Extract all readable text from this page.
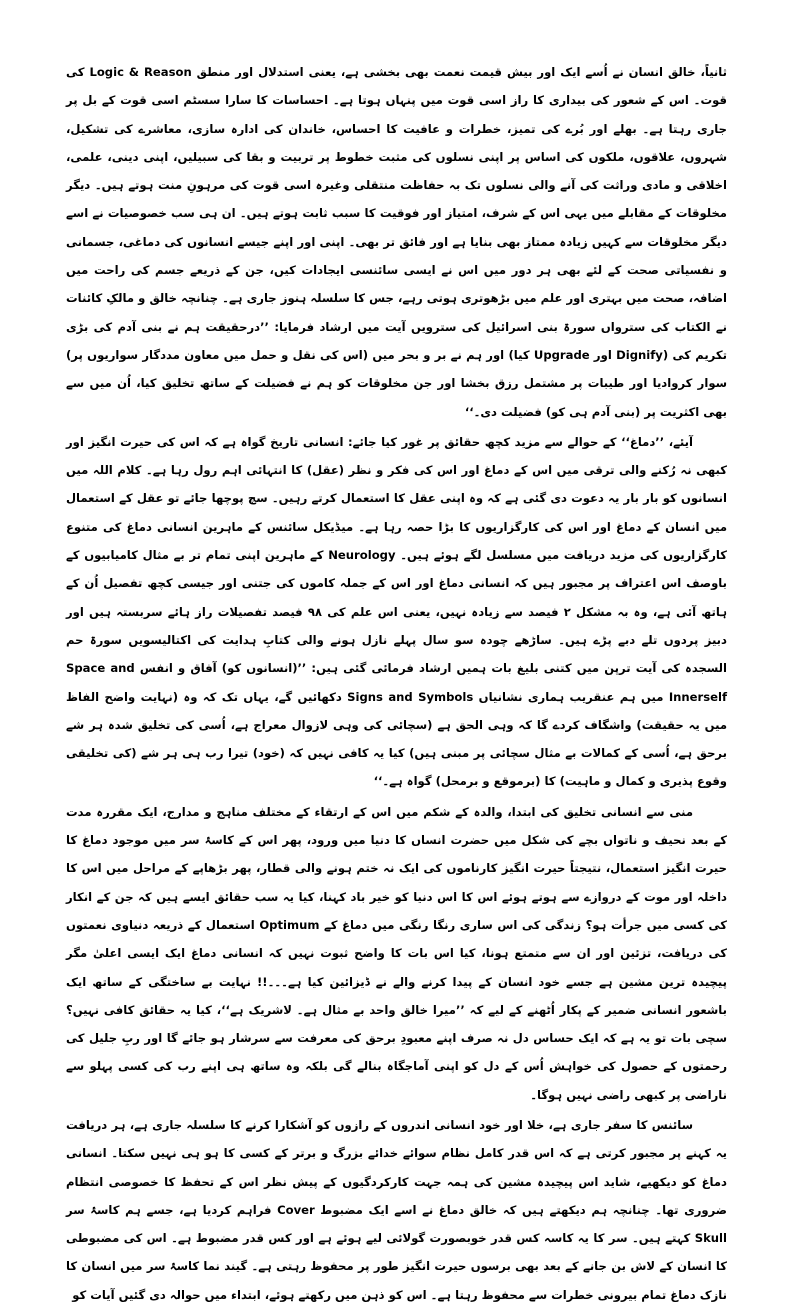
ثانیاً، خالق انسان نے اُسے ایک اور بیش قیمت نعمت بھی بخشی ہے، یعنی استدلال اور منطق Logic & Reason کی قوت۔ اس کے شعور کی بیداری کا راز اسی قوت میں پنہاں ہوتا ہے۔ احساسات کا سارا سسٹم اسی قوت کے بل پر جاری رہتا ہے۔ بھلے اور بُرے کی تمیز، خطرات و عافیت کا احساس، خاندان کی ادارہ سازی، معاشرے کی تشکیل، شہروں، علاقوں، ملکوں کی اساس پر اپنی نسلوں کی مثبت خطوط پر تربیت و بقا کی سبیلیں، اپنی دینی، علمی، اخلاقی و مادی وراثت کی آنے والی نسلوں تک بہ حفاظت منتقلی وغیرہ اسی قوت کی مرہونِ منت ہوتے ہیں۔ دیگر مخلوقات کے مقابلے میں یہی اس کے شرف، امتیاز اور فوقیت کا سبب ثابت ہوتے ہیں۔ ان ہی سب خصوصیات نے اسے دیگر مخلوقات سے کہیں زیادہ ممتاز بھی بنایا ہے اور فائق تر بھی۔ اپنی اور اپنے جیسے انسانوں کی دماغی، جسمانی و نفسیاتی صحت کے لئے بھی ہر دور میں اس نے ایسی سائنسی ایجادات کیں، جن کے ذریعے جسم کی راحت میں اضافہ، صحت میں بہتری اور علم میں بڑھوتری ہوتی رہے، جس کا سلسلہ ہنوز جاری ہے۔ چنانچہ خالق و مالکِ کائنات نے الکتاب کی سترواں سورۃ بنی اسرائیل کی سترویں آیت میں ارشاد فرمایا: ’’درحقیقت ہم نے بنی آدم کی بڑی تکریم کی (Dignify اور Upgrade کیا) اور ہم نے بر و بحر میں (اس کی نقل و حمل میں معاون مددگار سواریوں پر) سوار کروادیا اور طیبات پر مشتمل رزق بخشا اور جن مخلوقات کو ہم نے فضیلت کے ساتھ تخلیق کیا، اُن میں سے بھی اکثریت پر (بنی آدم ہی کو) فضیلت دی۔‘‘

آیئے، ’’دماغ‘‘ کے حوالے سے مزید کچھ حقائق پر غور کیا جائے: انسانی تاریخ گواہ ہے کہ اس کی حیرت انگیز اور کبھی نہ رُکنے والی ترقی میں اس کے دماغ اور اس کی فکر و نظر (عقل) کا انتہائی اہم رول رہا ہے۔ کلام اللہ میں انسانوں کو بار بار یہ دعوت دی گئی ہے کہ وہ اپنی عقل کا استعمال کرتے رہیں۔ سچ پوچھا جائے تو عقل کے استعمال میں انسان کے دماغ اور اس کی کارگزاریوں کا بڑا حصہ رہا ہے۔ میڈیکل سائنس کے ماہرین انسانی دماغ کی متنوع کارگزاریوں کی مزید دریافت میں مسلسل لگے ہوئے ہیں۔ Neurology کے ماہرین اپنی تمام تر بے مثال کامیابیوں کے باوصف اس اعتراف پر مجبور ہیں کہ انسانی دماغ اور اس کے جملہ کاموں کی جتنی اور جیسی کچھ تفصیل اُن کے ہاتھ آئی ہے، وہ بہ مشکل ۲ فیصد سے زیادہ نہیں، یعنی اس علم کی ۹۸ فیصد تفصیلات راز ہائے سربستہ ہیں اور دبیز پردوں تلے دبے پڑے ہیں۔ ساڑھے چودہ سو سال پہلے نازل ہونے والی کتابِ ہدایت کی اکتالیسویں سورۃ حم السجدہ کی آیت ترپن میں کتنی بلیغ بات ہمیں ارشاد فرمائی گئی ہیں: ’’(انسانوں کو) آفاق و انفس Space and Innerself میں ہم عنقریب ہماری نشانیاں Signs and Symbols دکھائیں گے، یہاں تک کہ وہ (نہایت واضح الفاظ میں یہ حقیقت) واشگاف کردے گا کہ وہی الحق ہے (سچائی کی وہی لازوال معراج ہے، اُسی کی تخلیق شدہ ہر شے برحق ہے، اُسی کے کمالات بے مثال سچائی پر مبنی ہیں) کیا یہ کافی نہیں کہ (خود) تیرا رب ہی ہر شے (کی تخلیقی وقوع پذیری و کمال و ماہیت) کا (برموقع و برمحل) گواہ ہے۔‘‘

منی سے انسانی تخلیق کی ابتدا، والدہ کے شکم میں اس کے ارتقاء کے مختلف مناہج و مدارج، ایک مقررہ مدت کے بعد نحیف و ناتواں بچے کی شکل میں حضرت انساں کا دنیا میں ورود، پھر اس کے کاسۂ سر میں موجود دماغ کا حیرت انگیز استعمال، نتیجتاً حیرت انگیز کارناموں کی ایک نہ ختم ہونے والی قطار، پھر بڑھاپے کے مراحل میں اس کا داخلہ اور موت کے دروازے سے ہوتے ہوئے اس کا اس دنیا کو خیر باد کہنا، کیا یہ سب حقائق ایسے ہیں کہ جن کے انکار کی کسی میں جرأت ہو؟ زندگی کی اس ساری رنگا رنگی میں دماغ کے Optimum استعمال کے ذریعہ دنیاوی نعمتوں کی دریافت، تزئین اور ان سے متمتع ہونا، کیا اس بات کا واضح ثبوت نہیں کہ انسانی دماغ ایک ایسی اعلیٰ مگر پیچیدہ ترین مشین ہے جسے خود انسان کے پیدا کرنے والے نے ڈیزائین کیا ہے۔۔۔!! نہایت بے ساختگی کے ساتھ ایک باشعور انسانی ضمیر کے پکار اُٹھنے کے لیے کہ ’’میرا خالق واحد بے مثال ہے۔ لاشریک ہے‘‘، کیا یہ حقائق کافی نہیں؟ سچی بات تو یہ ہے کہ ایک حساس دل نہ صرف اپنے معبودِ برحق کی معرفت سے سرشار ہو جائے گا اور ربِ جلیل کی رحمتوں کے حصول کی خواہش اُس کے دل کو اپنی آماجگاہ بنالے گی بلکہ وہ ساتھ ہی اپنے رب کی کسی پہلو سے ناراضی پر کبھی راضی نہیں ہوگا۔

سائنس کا سفر جاری ہے، خلا اور خود انسانی اندروں کے رازوں کو آشکارا کرنے کا سلسلہ جاری ہے، ہر دریافت یہ کہنے پر مجبور کرتی ہے کہ اس قدر کامل نظام سوائے خدائے بزرگ و برتر کے کسی کا ہو ہی نہیں سکتا۔ انسانی دماغ کو دیکھیے، شاید اس پیچیدہ مشین کی ہمہ جہت کارکردگیوں کے پیش نظر اس کے تحفظ کا خصوصی انتظام ضروری تھا۔ چنانچہ ہم دیکھتے ہیں کہ خالق دماغ نے اسے ایک مضبوط Cover فراہم کردیا ہے، جسے ہم کاسۂ سر Skull کہتے ہیں۔ سر کا یہ کاسہ کس قدر خوبصورت گولائی لیے ہوئے ہے اور کس قدر مضبوط ہے۔ اس کی مضبوطی کا انسان کے لاش بن جانے کے بعد بھی برسوں حیرت انگیز طور پر محفوظ رہتی ہے۔ گیند نما کاسۂ سر میں انسان کا نازک دماغ تمام بیرونی خطرات سے محفوظ رہتا ہے۔ اس کو ذہن میں رکھتے ہوئے، ابتداء میں حوالہ دی گئیں آیات کو
